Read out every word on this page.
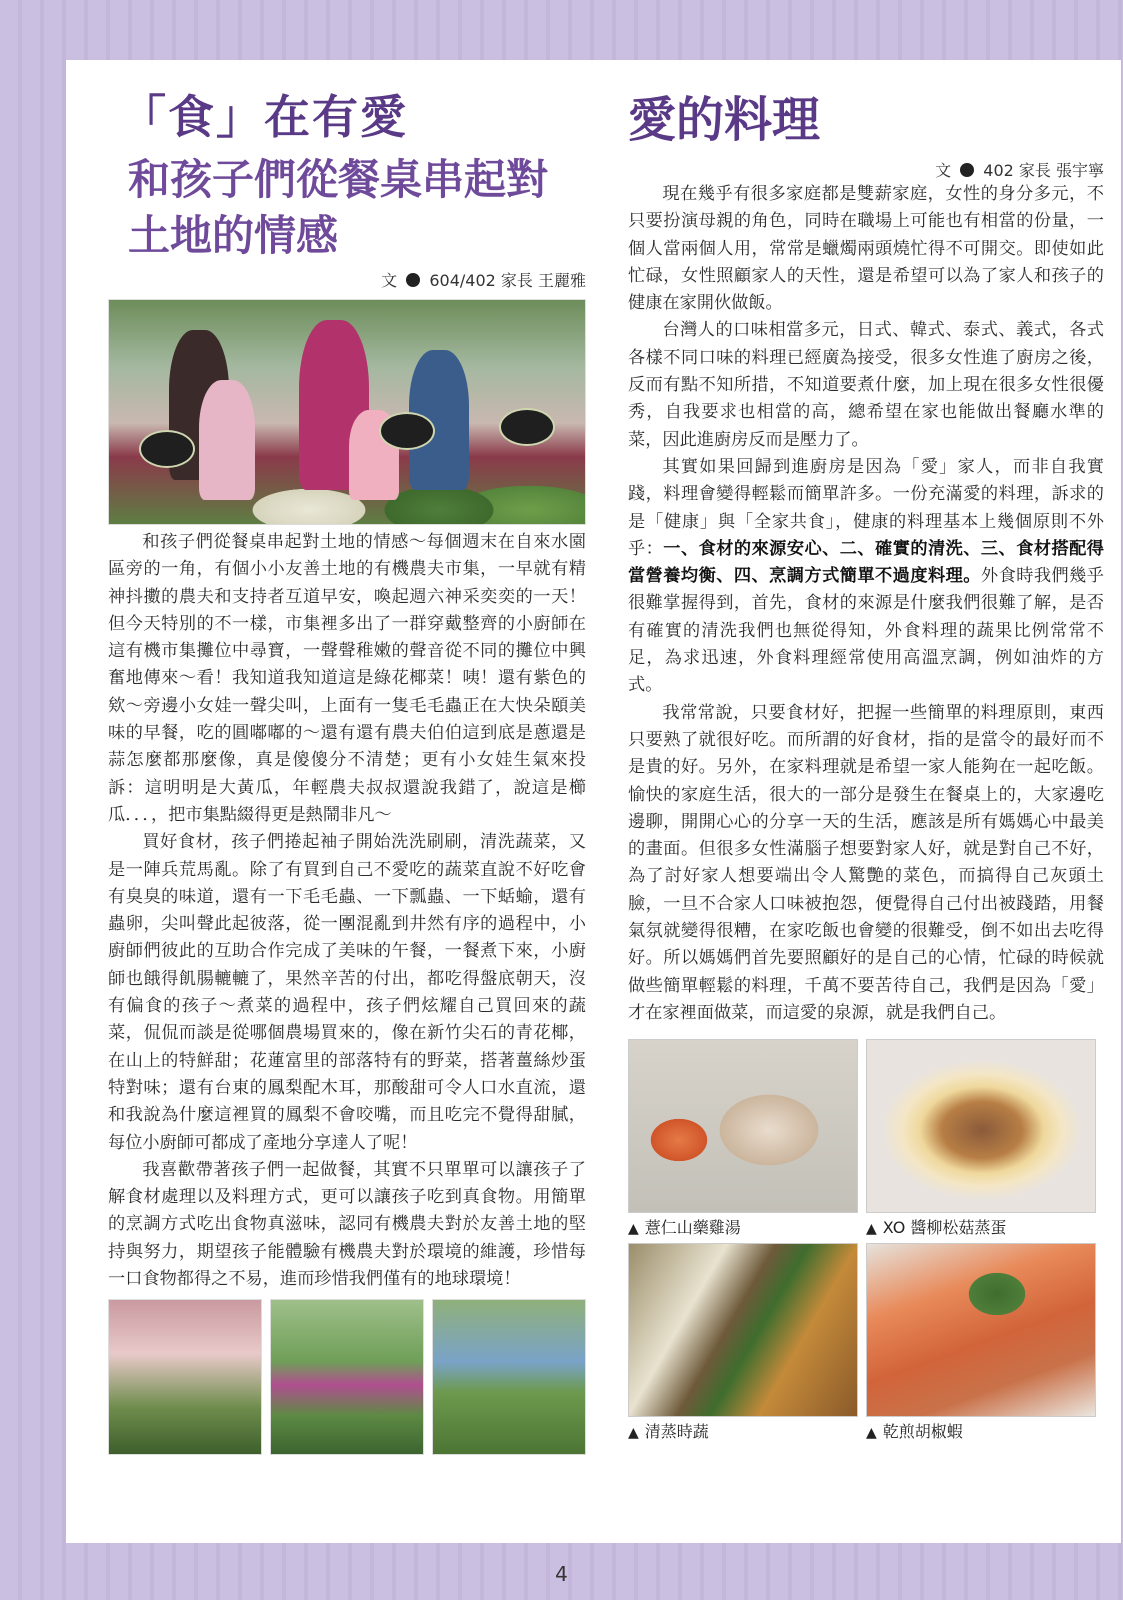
「食」在有愛
和孩子們從餐桌串起對
土地的情感
文 604/402 家長 王麗雅

和孩子們從餐桌串起對土地的情感～每個週末在自來水園區旁的一角，有個小小友善土地的有機農夫市集，一早就有精神抖擻的農夫和支持者互道早安，喚起週六神采奕奕的一天！但今天特別的不一樣，市集裡多出了一群穿戴整齊的小廚師在這有機市集攤位中尋寶，一聲聲稚嫩的聲音從不同的攤位中興奮地傳來～看！我知道我知道這是綠花椰菜！咦！還有紫色的欸～旁邊小女娃一聲尖叫，上面有一隻毛毛蟲正在大快朵頤美味的早餐，吃的圓嘟嘟的～還有還有農夫伯伯這到底是蔥還是蒜怎麼都那麼像，真是傻傻分不清楚；更有小女娃生氣來投訴：這明明是大黃瓜，年輕農夫叔叔還說我錯了，說這是櫛瓜．．．，把市集點綴得更是熱鬧非凡～

買好食材，孩子們捲起袖子開始洗洗刷刷，清洗蔬菜，又是一陣兵荒馬亂。除了有買到自己不愛吃的蔬菜直說不好吃會有臭臭的味道，還有一下毛毛蟲、一下瓢蟲、一下蛞蝓，還有蟲卵，尖叫聲此起彼落，從一團混亂到井然有序的過程中，小廚師們彼此的互助合作完成了美味的午餐，一餐煮下來，小廚師也餓得飢腸轆轆了，果然辛苦的付出，都吃得盤底朝天，沒有偏食的孩子～煮菜的過程中，孩子們炫耀自己買回來的蔬菜，侃侃而談是從哪個農場買來的，像在新竹尖石的青花椰，在山上的特鮮甜；花蓮富里的部落特有的野菜，搭著薑絲炒蛋特對味；還有台東的鳳梨配木耳，那酸甜可令人口水直流，還和我說為什麼這裡買的鳳梨不會咬嘴，而且吃完不覺得甜膩，每位小廚師可都成了產地分享達人了呢！

我喜歡帶著孩子們一起做餐，其實不只單單可以讓孩子了解食材處理以及料理方式，更可以讓孩子吃到真食物。用簡單的烹調方式吃出食物真滋味，認同有機農夫對於友善土地的堅持與努力，期望孩子能體驗有機農夫對於環境的維護，珍惜每一口食物都得之不易，進而珍惜我們僅有的地球環境！

愛的料理
文 402 家長 張宇寧

現在幾乎有很多家庭都是雙薪家庭，女性的身分多元，不只要扮演母親的角色，同時在職場上可能也有相當的份量，一個人當兩個人用，常常是蠟燭兩頭燒忙得不可開交。即使如此忙碌，女性照顧家人的天性，還是希望可以為了家人和孩子的健康在家開伙做飯。

台灣人的口味相當多元，日式、韓式、泰式、義式，各式各樣不同口味的料理已經廣為接受，很多女性進了廚房之後，反而有點不知所措，不知道要煮什麼，加上現在很多女性很優秀，自我要求也相當的高，總希望在家也能做出餐廳水準的菜，因此進廚房反而是壓力了。

其實如果回歸到進廚房是因為「愛」家人，而非自我實踐，料理會變得輕鬆而簡單許多。一份充滿愛的料理，訴求的是「健康」與「全家共食」，健康的料理基本上幾個原則不外乎：一、食材的來源安心、二、確實的清洗、三、食材搭配得當營養均衡、四、烹調方式簡單不過度料理。外食時我們幾乎很難掌握得到，首先，食材的來源是什麼我們很難了解，是否有確實的清洗我們也無從得知，外食料理的蔬果比例常常不足，為求迅速，外食料理經常使用高溫烹調，例如油炸的方式。

我常常說，只要食材好，把握一些簡單的料理原則，東西只要熟了就很好吃。而所謂的好食材，指的是當令的最好而不是貴的好。另外，在家料理就是希望一家人能夠在一起吃飯。愉快的家庭生活，很大的一部分是發生在餐桌上的，大家邊吃邊聊，開開心心的分享一天的生活，應該是所有媽媽心中最美的畫面。但很多女性滿腦子想要對家人好，就是對自己不好，為了討好家人想要端出令人驚艷的菜色，而搞得自己灰頭土臉，一旦不合家人口味被抱怨，便覺得自己付出被踐踏，用餐氣氛就變得很糟，在家吃飯也會變的很難受，倒不如出去吃得好。所以媽媽們首先要照顧好的是自己的心情，忙碌的時候就做些簡單輕鬆的料理，千萬不要苦待自己，我們是因為「愛」才在家裡面做菜，而這愛的泉源，就是我們自己。

▲ 薏仁山藥雞湯	▲ XO 醬柳松菇蒸蛋
▲ 清蒸時蔬	▲ 乾煎胡椒蝦
4
